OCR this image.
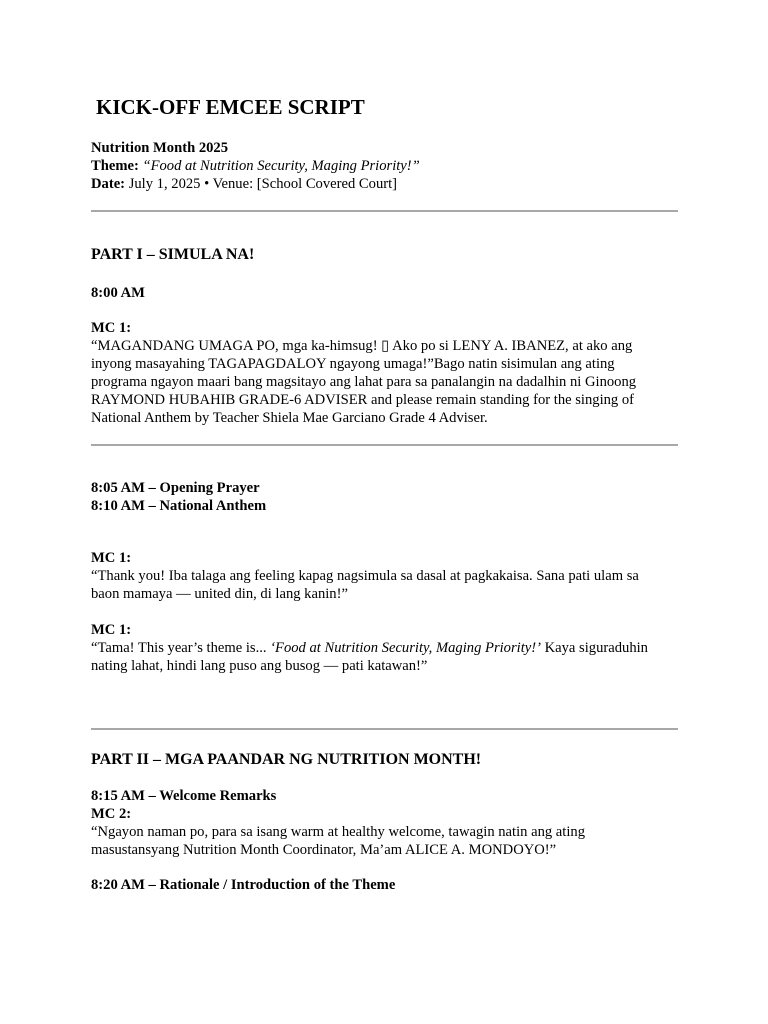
KICK-OFF EMCEE SCRIPT

Nutrition Month 2025

Theme: “Food at Nutrition Security, Maging Priority!”

Date: July 1, 2025 • Venue: [School Covered Court]

PART I – SIMULA NA!
8:00 AM

MC 1:

“MAGANDANG UMAGA PO, mga ka-himsug! ▯ Ako po si LENY A. IBANEZ, at ako ang

inyong masayahing TAGAPAGDALOY ngayong umaga!”Bago natin sisimulan ang ating

programa ngayon maari bang magsitayo ang lahat para sa panalangin na dadalhin ni Ginoong

RAYMOND HUBAHIB GRADE-6 ADVISER and please remain standing for the singing of

National Anthem by Teacher Shiela Mae Garciano Grade 4 Adviser.

8:05 AM – Opening Prayer

8:10 AM – National Anthem

MC 1:

“Thank you! Iba talaga ang feeling kapag nagsimula sa dasal at pagkakaisa. Sana pati ulam sa

baon mamaya — united din, di lang kanin!”

MC 1:

“Tama! This year’s theme is... ‘Food at Nutrition Security, Maging Priority!’ Kaya siguraduhin

nating lahat, hindi lang puso ang busog — pati katawan!”

PART II – MGA PAANDAR NG NUTRITION MONTH!

8:15 AM – Welcome Remarks

MC 2:

“Ngayon naman po, para sa isang warm at healthy welcome, tawagin natin ang ating

masustansyang Nutrition Month Coordinator, Ma’am ALICE A. MONDOYO!”

8:20 AM – Rationale / Introduction of the Theme
